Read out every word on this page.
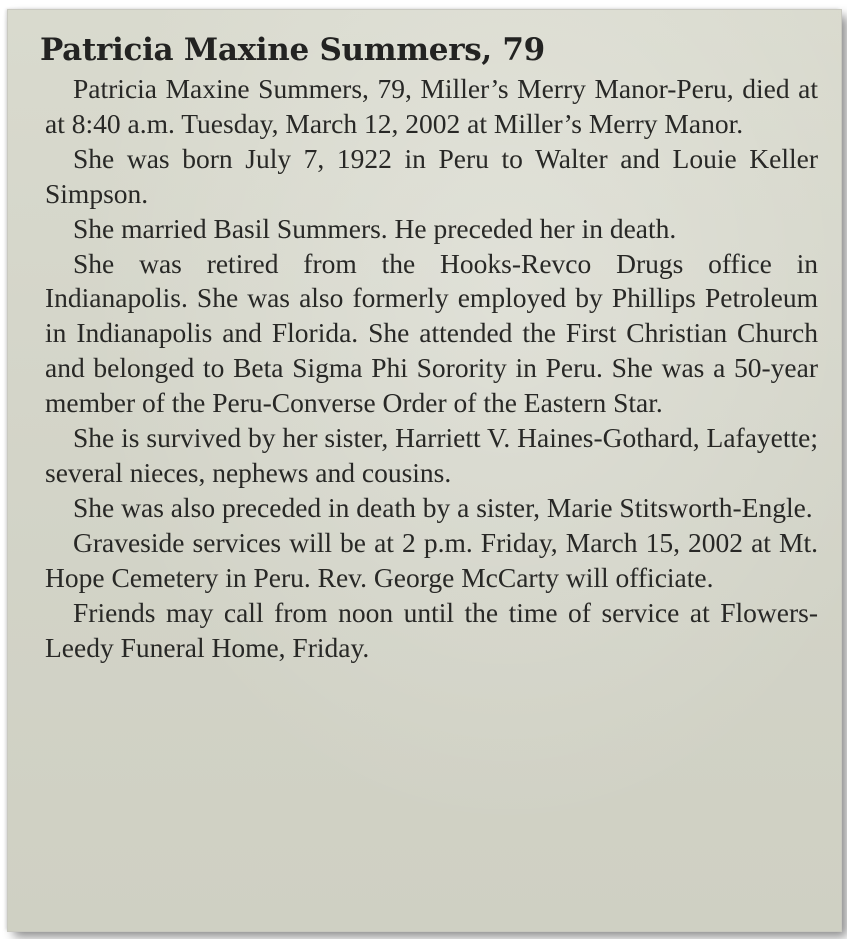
Patricia Maxine Summers, 79

Patricia Maxine Summers, 79, Miller’s Merry Manor-Peru, died at at 8:40 a.m. Tuesday, March 12, 2002 at Miller’s Merry Manor.

She was born July 7, 1922 in Peru to Walter and Louie Keller Simpson.

She married Basil Summers. He preceded her in death.

She was retired from the Hooks-Revco Drugs office in Indianapolis. She was also formerly employed by Phillips Petroleum in Indianapolis and Florida. She attended the First Christian Church and belonged to Beta Sigma Phi Sorority in Peru. She was a 50-year member of the Peru-Converse Order of the Eastern Star.

She is survived by her sister, Harriett V. Haines-Gothard, Lafayette; several nieces, nephews and cousins.

She was also preceded in death by a sister, Marie Stitsworth-Engle.

Graveside services will be at 2 p.m. Friday, March 15, 2002 at Mt. Hope Cemetery in Peru. Rev. George McCarty will officiate.

Friends may call from noon until the time of service at Flowers-Leedy Funeral Home, Friday.
